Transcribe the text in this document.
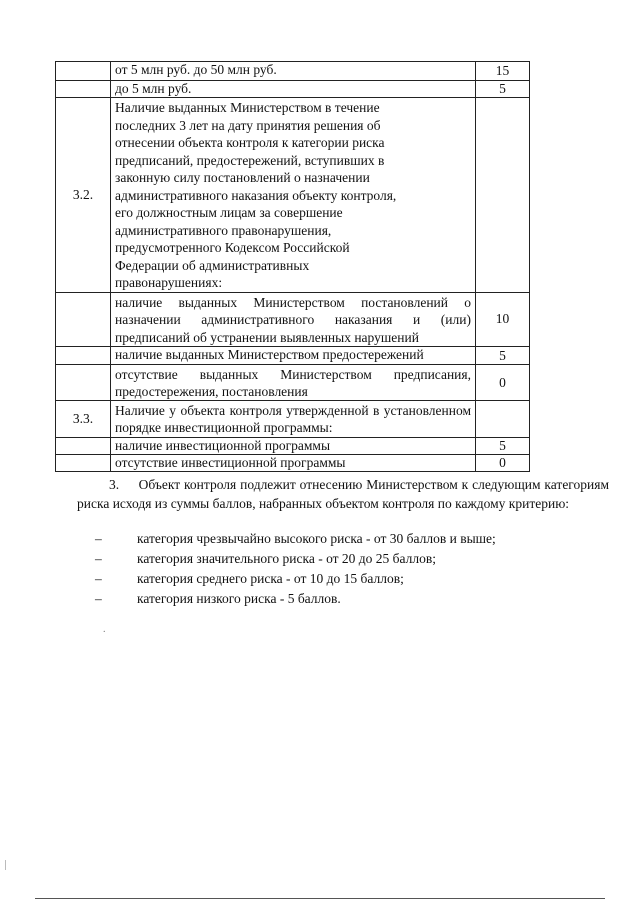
	от 5 млн руб. до 50 млн руб.	15
	до 5 млн руб.	5
3.2.	Наличие выданных Министерством в течение последних 3 лет на дату принятия решения об отнесении объекта контроля к категории риска предписаний, предостережений, вступивших в законную силу постановлений о назначении административного наказания объекту контроля, его должностным лицам за совершение административного правонарушения, предусмотренного Кодексом Российской Федерации об административных правонарушениях:	
	наличие выданных Министерством постановлений о назначении административного наказания и (или) предписаний об устранении выявленных нарушений	10
	наличие выданных Министерством предостережений	5
	отсутствие выданных Министерством предписания, предостережения, постановления	0
3.3.	Наличие у объекта контроля утвержденной в установленном порядке инвестиционной программы:	
	наличие инвестиционной программы	5
	отсутствие инвестиционной программы	0
3.     Объект контроля подлежит отнесению Министерством к следующим категориям риска исходя из суммы баллов, набранных объектом контроля по каждому критерию:
–	категория чрезвычайно высокого риска - от 30 баллов и выше;
–	категория значительного риска - от 20 до 25 баллов;
–	категория среднего риска - от 10 до 15 баллов;
–	категория низкого риска - 5 баллов.
.
